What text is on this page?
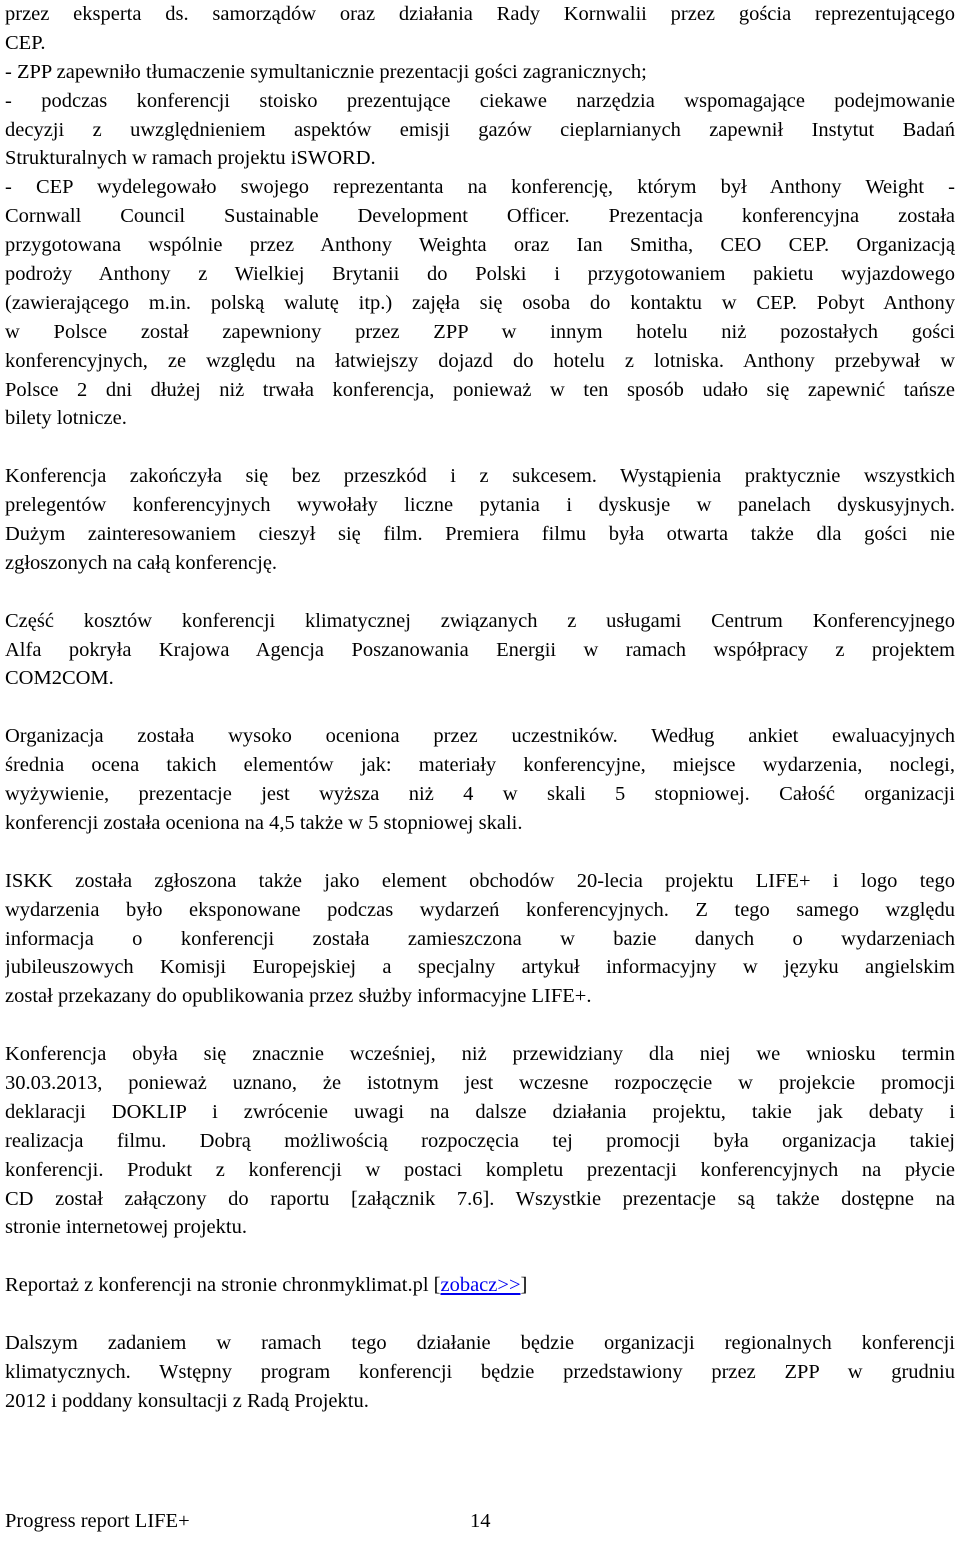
przez eksperta ds. samorządów oraz działania Rady Kornwalii przez gościa reprezentującego
CEP.
- ZPP zapewniło tłumaczenie symultanicznie prezentacji gości zagranicznych;
- podczas konferencji stoisko prezentujące ciekawe narzędzia wspomagające podejmowanie
decyzji z uwzględnieniem aspektów emisji gazów cieplarnianych zapewnił Instytut Badań
Strukturalnych w ramach projektu iSWORD.
- CEP wydelegowało swojego reprezentanta na konferencję, którym był Anthony Weight -
Cornwall Council Sustainable Development Officer. Prezentacja konferencyjna została
przygotowana wspólnie przez Anthony Weighta oraz Ian Smitha, CEO CEP. Organizacją
podroży Anthony z Wielkiej Brytanii do Polski i przygotowaniem pakietu wyjazdowego
(zawierającego m.in. polską walutę itp.) zajęła się osoba do kontaktu w CEP. Pobyt Anthony
w Polsce został zapewniony przez ZPP w innym hotelu niż pozostałych gości
konferencyjnych, ze względu na łatwiejszy dojazd do hotelu z lotniska. Anthony przebywał w
Polsce 2 dni dłużej niż trwała konferencja, ponieważ w ten sposób udało się zapewnić tańsze
bilety lotnicze.
Konferencja zakończyła się bez przeszkód i z sukcesem. Wystąpienia praktycznie wszystkich
prelegentów konferencyjnych wywołały liczne pytania i dyskusje w panelach dyskusyjnych.
Dużym zainteresowaniem cieszył się film. Premiera filmu była otwarta także dla gości nie
zgłoszonych na całą konferencję.
Część kosztów konferencji klimatycznej związanych z usługami Centrum Konferencyjnego
Alfa pokryła Krajowa Agencja Poszanowania Energii w ramach współpracy z projektem
COM2COM.
Organizacja została wysoko oceniona przez uczestników. Według ankiet ewaluacyjnych
średnia ocena takich elementów jak: materiały konferencyjne, miejsce wydarzenia, noclegi,
wyżywienie, prezentacje jest wyższa niż 4 w skali 5 stopniowej. Całość organizacji
konferencji została oceniona na 4,5 także w 5 stopniowej skali.
ISKK została zgłoszona także jako element obchodów 20-lecia projektu LIFE+ i logo tego
wydarzenia było eksponowane podczas wydarzeń konferencyjnych. Z tego samego względu
informacja o konferencji została zamieszczona w bazie danych o wydarzeniach
jubileuszowych Komisji Europejskiej a specjalny artykuł informacyjny w języku angielskim
został przekazany do opublikowania przez służby informacyjne LIFE+.
Konferencja obyła się znacznie wcześniej, niż przewidziany dla niej we wniosku termin
30.03.2013, ponieważ uznano, że istotnym jest wczesne rozpoczęcie w projekcie promocji
deklaracji DOKLIP i zwrócenie uwagi na dalsze działania projektu, takie jak debaty i
realizacja filmu. Dobrą możliwością rozpoczęcia tej promocji była organizacja takiej
konferencji. Produkt z konferencji w postaci kompletu prezentacji konferencyjnych na płycie
CD został załączony do raportu [załącznik 7.6]. Wszystkie prezentacje są także dostępne na
stronie internetowej projektu.
Reportaż z konferencji na stronie chronmyklimat.pl [zobacz>>]
Dalszym zadaniem w ramach tego działanie będzie organizacji regionalnych konferencji
klimatycznych. Wstępny program konferencji będzie przedstawiony przez ZPP w grudniu
2012 i poddany konsultacji z Radą Projektu.
Progress report LIFE+	14
